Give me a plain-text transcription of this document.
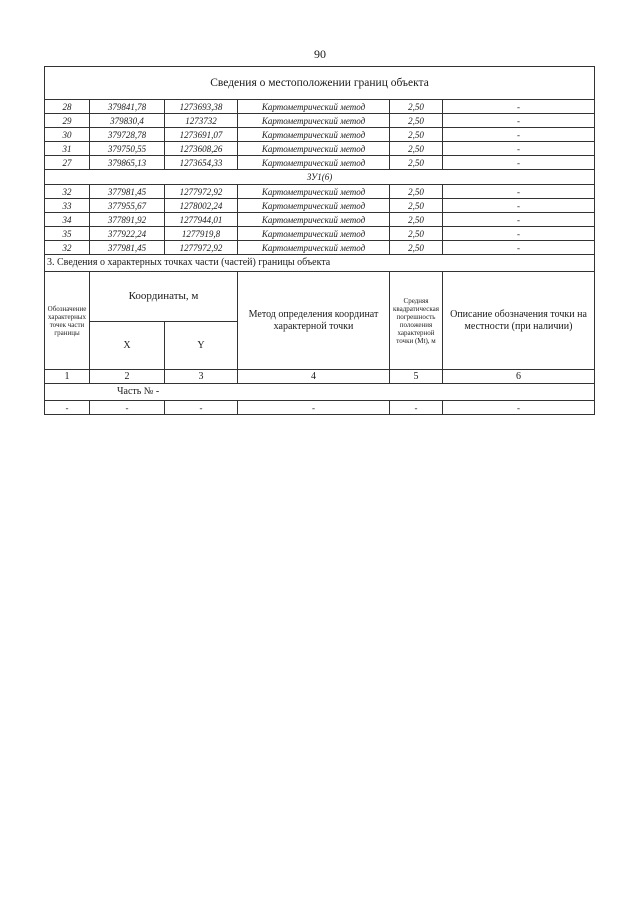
90
Сведения о местоположении границ объекта					
28	379841,78	1273693,38	Картометрический метод	2,50	-
29	379830,4	1273732	Картометрический метод	2,50	-
30	379728,78	1273691,07	Картометрический метод	2,50	-
31	379750,55	1273608,26	Картометрический метод	2,50	-
27	379865,13	1273654,33	Картометрический метод	2,50	-
ЗУ1(6)					
32	377981,45	1277972,92	Картометрический метод	2,50	-
33	377955,67	1278002,24	Картометрический метод	2,50	-
34	377891,92	1277944,01	Картометрический метод	2,50	-
35	377922,24	1277919,8	Картометрический метод	2,50	-
32	377981,45	1277972,92	Картометрический метод	2,50	-
3. Сведения о характерных точках части (частей) границы объекта					
Обозначение характерных точек части границы	Координаты, м		Метод определения координат характерной точки	Средняя квадратическая погрешность положения характерной точки (Мt), м	Описание обозначения точки на местности (при наличии)
	X	Y			
1	2	3	4	5	6
Часть № -					
-	-	-	-	-	-
